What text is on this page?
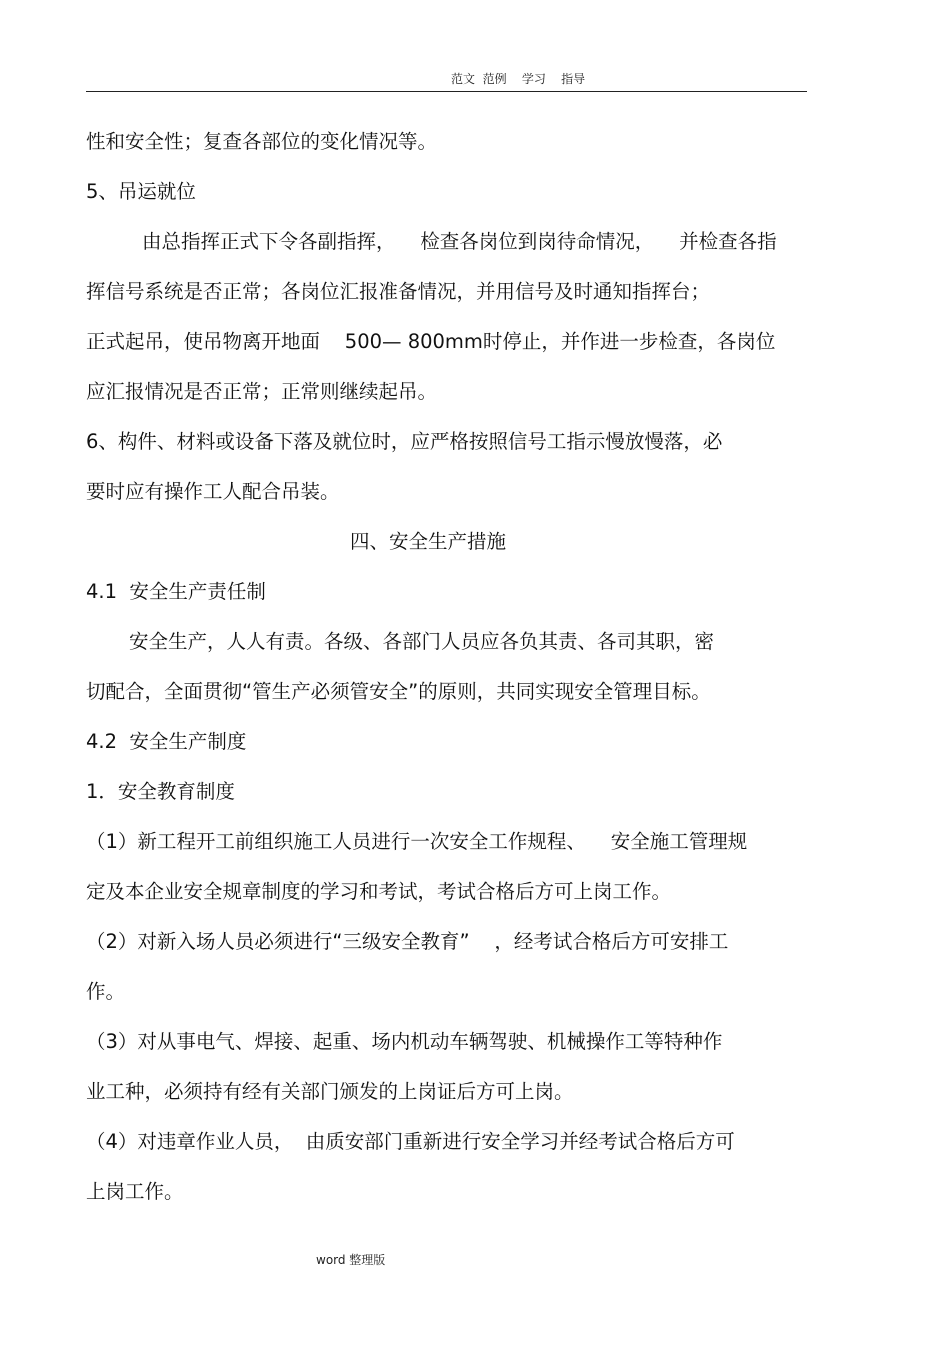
范文  范例    学习    指导
性和安全性；复查各部位的变化情况等。
5、吊运就位
由总指挥正式下令各副指挥，    检查各岗位到岗待命情况，    并检查各指
挥信号系统是否正常；各岗位汇报准备情况，并用信号及时通知指挥台；
正式起吊，使吊物离开地面    500— 800mm时停止，并作进一步检查，各岗位
应汇报情况是否正常；正常则继续起吊。
6、构件、材料或设备下落及就位时，应严格按照信号工指示慢放慢落，必
要时应有操作工人配合吊装。
四、安全生产措施
4.1  安全生产责任制
安全生产，人人有责。各级、各部门人员应各负其责、各司其职，密
切配合，全面贯彻“管生产必须管安全”的原则，共同实现安全管理目标。
4.2  安全生产制度
1．安全教育制度
（1）新工程开工前组织施工人员进行一次安全工作规程、    安全施工管理规
定及本企业安全规章制度的学习和考试，考试合格后方可上岗工作。
（2）对新入场人员必须进行“三级安全教育”    ，经考试合格后方可安排工
作。
（3）对从事电气、焊接、起重、场内机动车辆驾驶、机械操作工等特种作
业工种，必须持有经有关部门颁发的上岗证后方可上岗。
（4）对违章作业人员，  由质安部门重新进行安全学习并经考试合格后方可
上岗工作。
word 整理版
